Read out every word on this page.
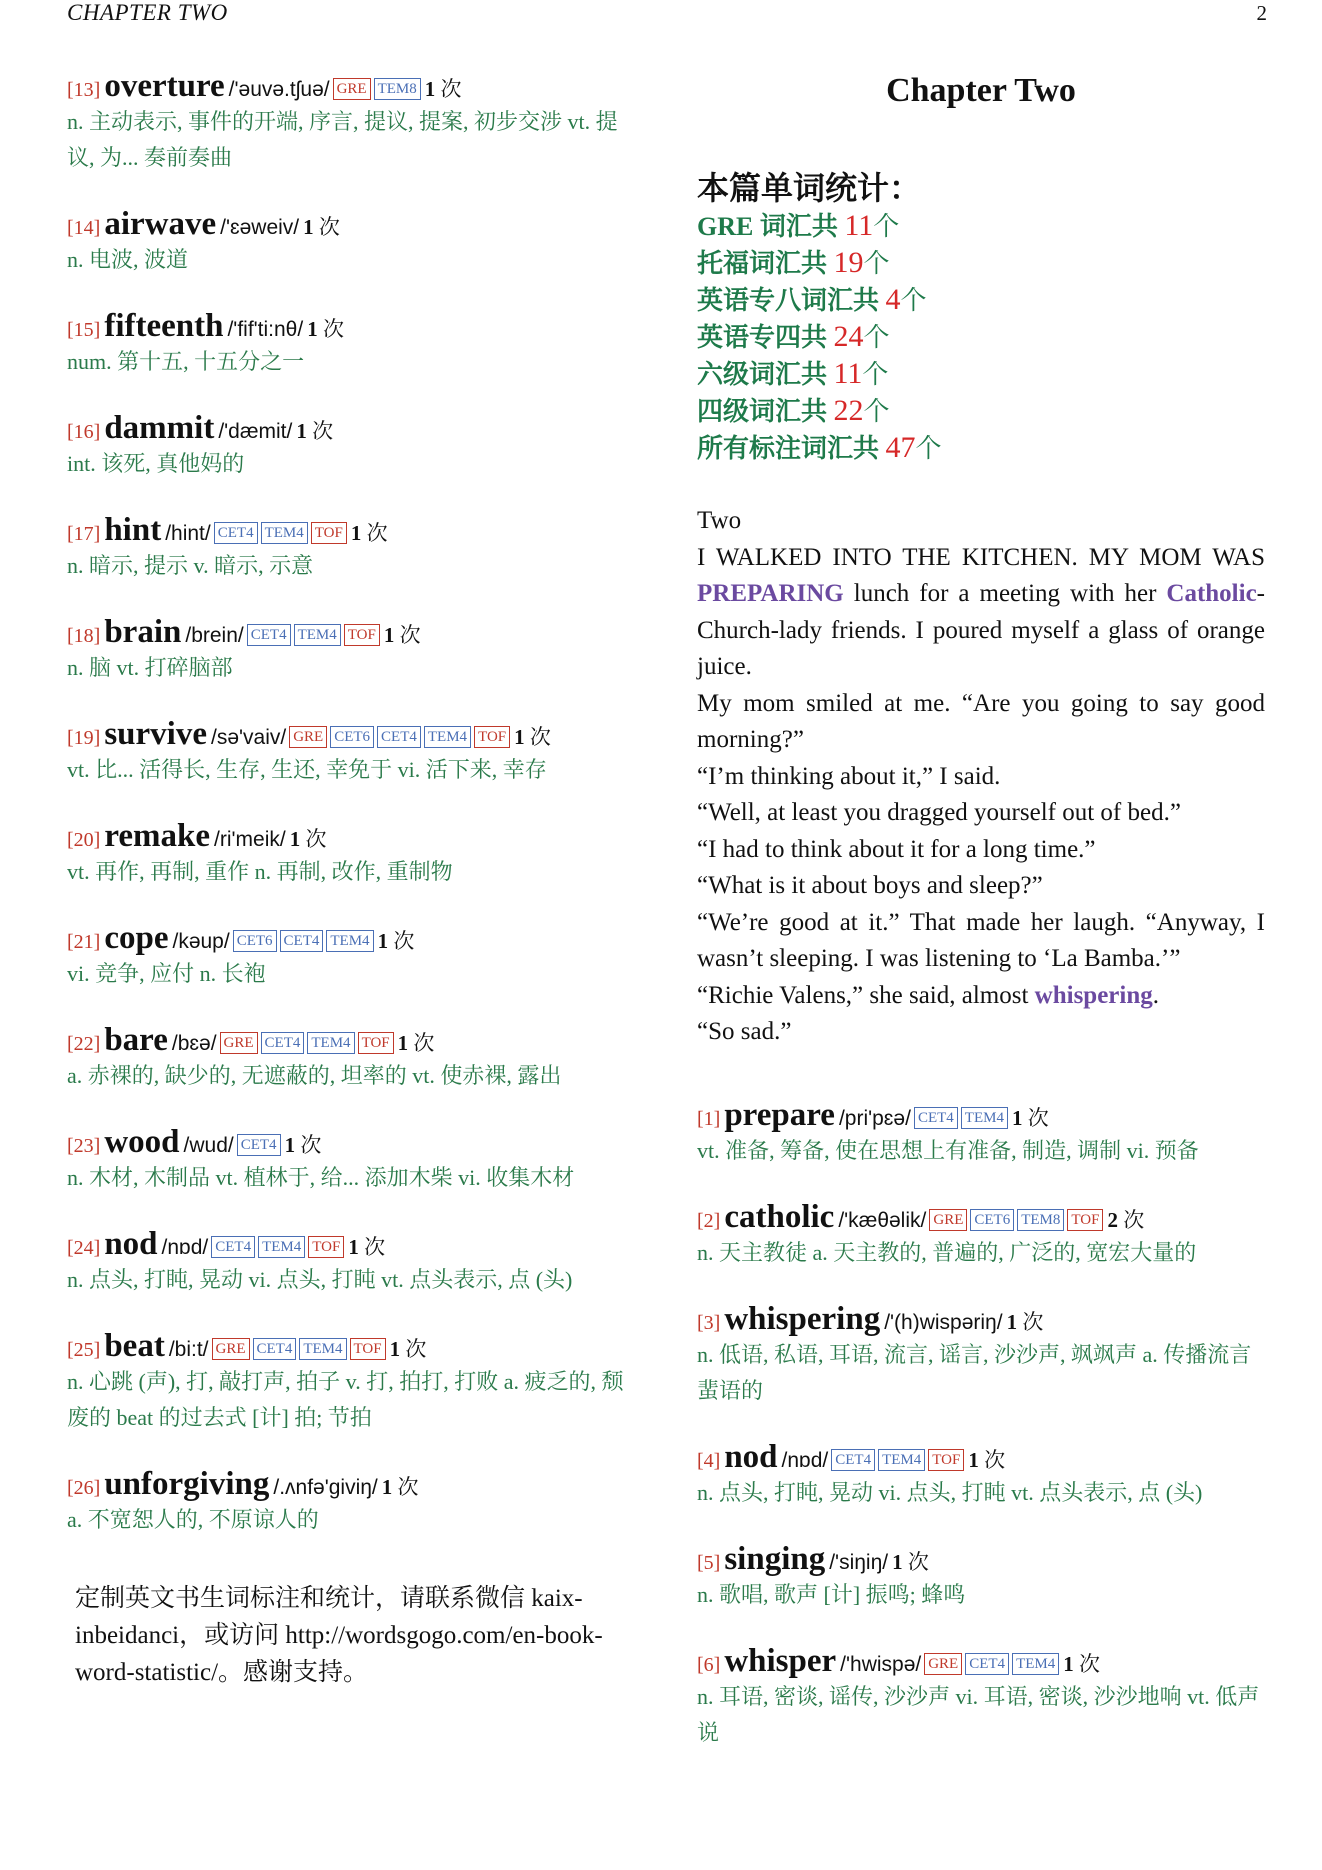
CHAPTER TWO	2
[13] overture /'əuvə.tʃuə/ GRE TEM8 1 次
n. 主动表示, 事件的开端, 序言, 提议, 提案, 初步交涉 vt. 提议, 为... 奏前奏曲
[14] airwave /'ɛəweiv/ 1 次
n. 电波, 波道
[15] fifteenth /'fif'ti:nθ/ 1 次
num. 第十五, 十五分之一
[16] dammit /'dæmit/ 1 次
int. 该死, 真他妈的
[17] hint /hint/ CET4 TEM4 TOF 1 次
n. 暗示, 提示 v. 暗示, 示意
[18] brain /brein/ CET4 TEM4 TOF 1 次
n. 脑 vt. 打碎脑部
[19] survive /sə'vaiv/ GRE CET6 CET4 TEM4 TOF 1 次
vt. 比... 活得长, 生存, 生还, 幸免于 vi. 活下来, 幸存
[20] remake /ri'meik/ 1 次
vt. 再作, 再制, 重作 n. 再制, 改作, 重制物
[21] cope /kəup/ CET6 CET4 TEM4 1 次
vi. 竞争, 应付 n. 长袍
[22] bare /bɛə/ GRE CET4 TEM4 TOF 1 次
a. 赤裸的, 缺少的, 无遮蔽的, 坦率的 vt. 使赤裸, 露出
[23] wood /wud/ CET4 1 次
n. 木材, 木制品 vt. 植林于, 给... 添加木柴 vi. 收集木材
[24] nod /nɒd/ CET4 TEM4 TOF 1 次
n. 点头, 打盹, 晃动 vi. 点头, 打盹 vt. 点头表示, 点 (头)
[25] beat /bi:t/ GRE CET4 TEM4 TOF 1 次
n. 心跳 (声), 打, 敲打声, 拍子 v. 打, 拍打, 打败 a. 疲乏的, 颓废的 beat 的过去式 [计] 拍; 节拍
[26] unforgiving /.ʌnfə'giviŋ/ 1 次
a. 不宽恕人的, 不原谅人的
定制英文书生词标注和统计，请联系微信 kaix-inbeidanci，或访问 http://wordsgogo.com/en-book-word-statistic/。感谢支持。
Chapter Two
本篇单词统计：
GRE 词汇共 11个
托福词汇共 19个
英语专八词汇共 4个
英语专四共 24个
六级词汇共 11个
四级词汇共 22个
所有标注词汇共 47个

Two

I WALKED INTO THE KITCHEN. MY MOM WAS PREPARING lunch for a meeting with her Catholic-Church-lady friends. I poured myself a glass of orange juice.

My mom smiled at me. “Are you going to say good morning?”

“I’m thinking about it,” I said.

“Well, at least you dragged yourself out of bed.”

“I had to think about it for a long time.”

“What is it about boys and sleep?”

“We’re good at it.” That made her laugh. “Anyway, I wasn’t sleeping. I was listening to ‘La Bamba.’”

“Richie Valens,” she said, almost whispering.

“So sad.”

[1] prepare /pri'pɛə/ CET4 TEM4 1 次
vt. 准备, 筹备, 使在思想上有准备, 制造, 调制 vi. 预备
[2] catholic /'kæθəlik/ GRE CET6 TEM8 TOF 2 次
n. 天主教徒 a. 天主教的, 普遍的, 广泛的, 宽宏大量的
[3] whispering /'(h)wispəriŋ/ 1 次
n. 低语, 私语, 耳语, 流言, 谣言, 沙沙声, 飒飒声 a. 传播流言蜚语的
[4] nod /nɒd/ CET4 TEM4 TOF 1 次
n. 点头, 打盹, 晃动 vi. 点头, 打盹 vt. 点头表示, 点 (头)
[5] singing /'siŋiŋ/ 1 次
n. 歌唱, 歌声 [计] 振鸣; 蜂鸣
[6] whisper /'hwispə/ GRE CET4 TEM4 1 次
n. 耳语, 密谈, 谣传, 沙沙声 vi. 耳语, 密谈, 沙沙地响 vt. 低声说
